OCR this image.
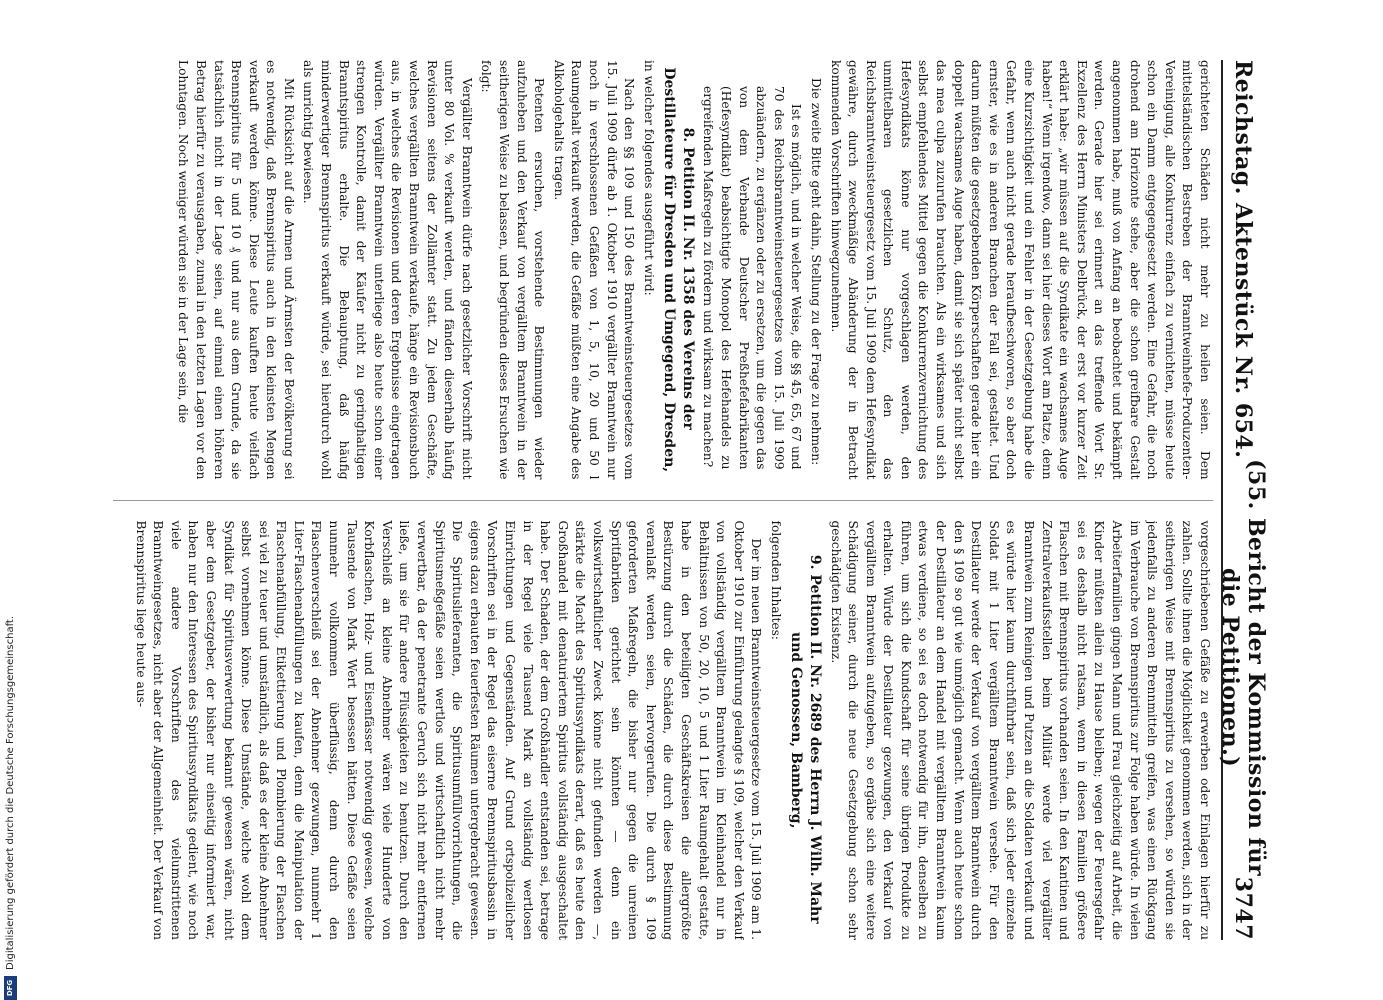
Reichstag. Aktenstück Nr. 654.
(55. Bericht der Kommission für die Petitionen.)
3747

gerichteten Schäden nicht mehr zu heilen seien. Dem mittelständischen Bestreben der Branntweinhefe-Produzenten-Vereinigung, alle Konkurrenz einfach zu vernichten, müsse heute schon ein Damm entgegengesetzt werden. Eine Gefahr, die noch drohend am Horizonte stehe, aber die schon greifbare Gestalt angenommen habe, muß von Anfang an beobachtet und bekämpft werden. Gerade hier sei erinnert an das treffende Wort Sr. Exzellenz des Herrn Ministers Delbrück, der erst vor kurzer Zeit erklärt habe: „wir müssen auf die Syndikate ein wachsames Auge haben!“ Wenn irgendwo, dann sei hier dieses Wort am Platze, denn eine Kurzsichtigkeit und ein Fehler in der Gesetzgebung habe die Gefahr, wenn auch nicht gerade heraufbeschworen, so aber doch ernster, wie es in anderen Branchen der Fall sei, gestaltet. Und darum müßten die gesetzgebenden Körperschaften gerade hier ein doppelt wachsames Auge haben, damit sie sich später nicht selbst das mea culpa zuzurufen brauchten. Als ein wirksames und sich selbst empfehlendes Mittel gegen die Konkurrenzvernichtung des Hefesyndikats könne nur vorgeschlagen werden, den unmittelbaren gesetzlichen Schutz, den das Reichsbranntweinsteuergesetz vom 15. Juli 1909 dem Hefesyndikat gewähre, durch zweckmäßige Abänderung der in Betracht kommenden Vorschriften hinwegzunehmen.

Die zweite Bitte geht dahin, Stellung zu der Frage zu nehmen:

Ist es möglich, und in welcher Weise, die §§ 45, 65, 67 und 70 des Reichsbranntweinsteuergesetzes vom 15. Juli 1909 abzuändern, zu ergänzen oder zu ersetzen, um die gegen das von dem Verbande Deutscher Preßhefefabrikanten (Hefesyndikat) beabsichtigte Monopol des Hefehandels zu ergreifenden Maßregeln zu fördern und wirksam zu machen?

8. Petition II. Nr. 1358 des Vereins der Destillateure für Dresden und Umgegend, Dresden,

in welcher folgendes ausgeführt wird:

Nach den §§ 109 und 150 des Branntweinsteuergesetzes vom 15. Juli 1909 dürfe ab 1. Oktober 1910 vergällter Branntwein nur noch in verschlossenen Gefäßen von 1, 5, 10, 20 und 50 l Raumgehalt verkauft werden, die Gefäße müßten eine Angabe des Alkoholgehalts tragen.

Petenten ersuchen, vorstehende Bestimmungen wieder aufzuheben und den Verkauf von vergälltem Branntwein in der seitherigen Weise zu belassen, und begründen dieses Ersuchen wie folgt:

Vergällter Branntwein dürfe nach gesetzlicher Vorschrift nicht unter 80 Vol. % verkauft werden, und fänden dieserhalb häufig Revisionen seitens der Zollämter statt. Zu jedem Geschäfte, welches vergällten Branntwein verkaufe, hänge ein Revisionsbuch aus, in welches die Revisionen und deren Ergebnisse eingetragen würden. Vergällter Branntwein unterliege also heute schon einer strengen Kontrolle, damit der Käufer nicht zu geringhaltigen Branntspiritus erhalte. Die Behauptung, daß häufig minderwertiger Brennspiritus verkauft würde, sei hierdurch wohl als unrichtig bewiesen.

Mit Rücksicht auf die Armen und Ärmsten der Bevölkerung sei es notwendig, daß Brennspiritus auch in den kleinsten Mengen verkauft werden könne. Diese Leute kauften heute vielfach Brennspiritus für 5 und 10 ₰ und nur aus dem Grunde, da sie tatsächlich nicht in der Lage seien, auf einmal einen höheren Betrag hierfür zu verausgaben, zumal in den letzten Lagen vor den Lohntagen. Noch weniger würden sie in der Lage sein, die

vorgeschriebenen Gefäße zu erwerben oder Einlagen hierfür zu zahlen. Sollte ihnen die Möglichkeit genommen werden, sich in der seitherigen Weise mit Brennspiritus zu versehen, so würden sie jedenfalls zu anderen Brennmitteln greifen, was einen Rückgang im Verbrauche von Brennspiritus zur Folge haben würde. In vielen Arbeiterfamilien gingen Mann und Frau gleichzeitig auf Arbeit, die Kinder müßten allein zu Hause bleiben; wegen der Feuersgefahr sei es deshalb nicht ratsam, wenn in diesen Familien größere Flaschen mit Brennspiritus vorhanden seien. In den Kantinen und Zentralverkaufsstellen beim Militär werde viel vergällter Branntwein zum Reinigen und Putzen an die Soldaten verkauft und es würde hier kaum durchführbar sein, daß sich jeder einzelne Soldat mit 1 Liter vergälltem Branntwein versehe. Für den Destillateur werde der Verkauf von vergälltem Branntwein durch den § 109 so gut wie unmöglich gemacht. Wenn auch heute schon der Destillateur an dem Handel mit vergälltem Branntwein kaum etwas verdiene, so sei es doch notwendig für ihn, denselben zu führen, um sich die Kundschaft für seine übrigen Produkte zu erhalten. Würde der Destillateur gezwungen, den Verkauf von vergälltem Branntwein aufzugeben, so ergäbe sich eine weitere Schädigung seiner, durch die neue Gesetzgebung schon sehr geschädigten Existenz.

9. Petition II. Nr. 2689 des Herrn J. Wilh. Mahr und Genossen, Bamberg,

folgenden Inhaltes:

Der im neuen Branntweinsteuergesetze vom 15. Juli 1909 am 1. Oktober 1910 zur Einführung gelangte § 109, welcher den Verkauf von vollständig vergälltem Branntwein im Kleinhandel nur in Behältnissen von 50, 20, 10, 5 und 1 Liter Raumgehalt gestatte, habe in den beteiligten Geschäftskreisen die allergrößte Bestürzung durch die Schäden, die durch diese Bestimmung veranlaßt werden seien, hervorgerufen. Die durch § 109 geforderten Maßregeln, die bisher nur gegen die unreinen Spritfabriken gerichtet sein könnten — denn ein volkswirtschaftlicher Zweck könne nicht gefunden werden —, stärkte die Macht des Spiritussyndikats derart, daß es heute den Großhandel mit denaturiertem Spiritus vollständig ausgeschaltet habe. Der Schaden, der dem Großhändler entstanden sei, betrage in der Regel viele Tausend Mark an vollständig wertlosen Einrichtungen und Gegenständen. Auf Grund ortspolizeilicher Vorschriften sei in der Regel das eiserne Brennspiritusbassin in eigens dazu erbauten feuerfesten Räumen untergebracht gewesen. Die Spirituslieferanten, die Spiritusumfüllvorrichtungen, die Spiritusmeßgefäße seien wertlos und wirtschaftlich nicht mehr verwertbar, da der penetrante Geruch sich nicht mehr entfernen ließe, um sie für andere Flüssigkeiten zu benutzen. Durch den Verschleiß an kleine Abnehmer wären viele Hunderte von Korbflaschen, Holz- und Eisenfässer notwendig gewesen, welche Tausende von Mark Wert besessen hätten. Diese Gefäße seien nunmehr vollkommen überflüssig, denn durch den Flaschenverschleiß sei der Abnehmer gezwungen, nunmehr 1 Liter-Flaschenabfüllungen zu kaufen, denn die Manipulation der Flaschenabfüllung, Etikettierung und Plombierung der Flaschen sei viel zu teuer und umständlich, als daß es der kleine Abnehmer selbst vornehmen könne. Diese Umstände, welche wohl dem Syndikat für Spiritusverwertung bekannt gewesen wären, nicht aber dem Gesetzgeber, der bisher nur einseitig informiert war, haben nur den Interessen des Spiritussyndikats gedient, wie noch viele andere Vorschriften des vielumstrittenen Branntweingesetzes, nicht aber der Allgemeinheit. Der Verkauf von Brennspiritus liege heute aus-

DFG
Digitalisierung gefördert durch die Deutsche Forschungsgemeinschaft.
